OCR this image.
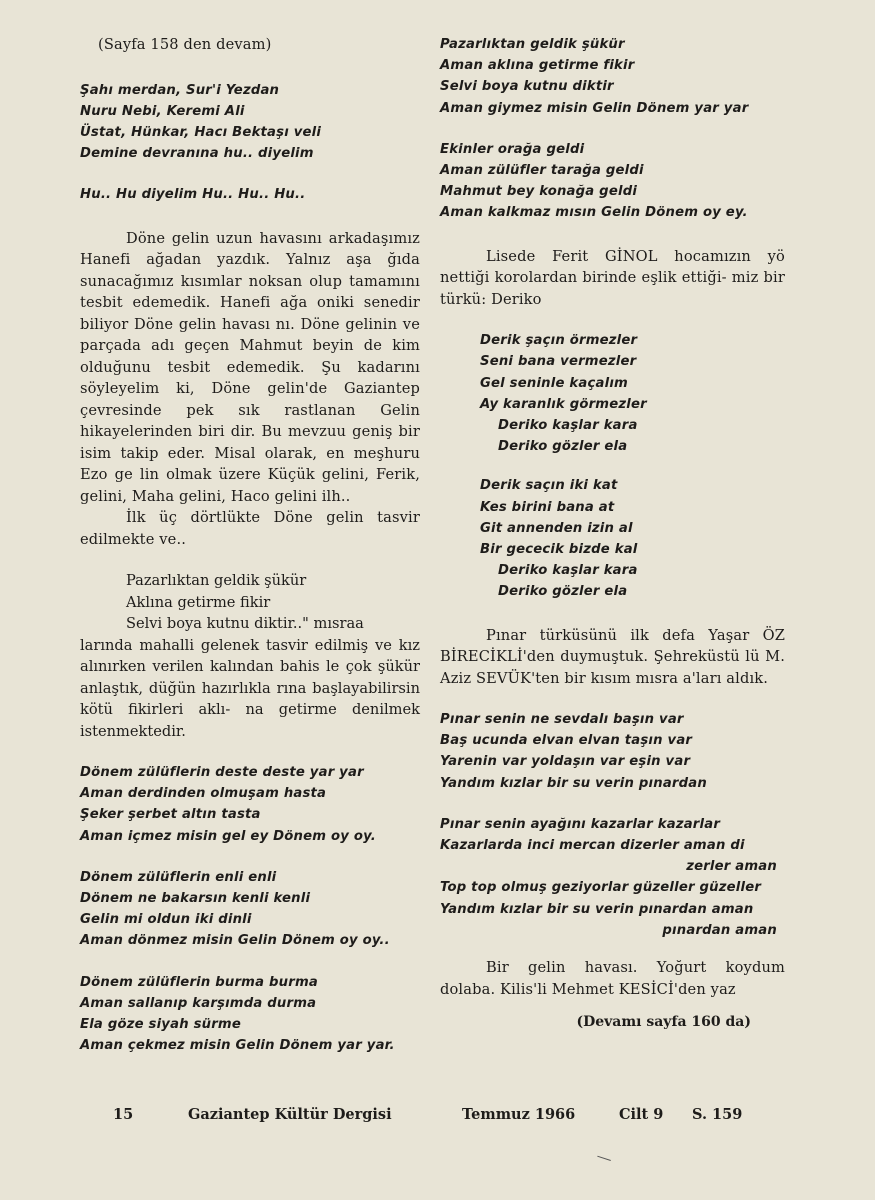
(Sayfa 158 den devam)
Şahı merdan, Sur'i Yezdan
Nuru Nebi, Keremi Ali
Üstat, Hünkar, Hacı Bektaşı veli
Demine devranına hu.. diyelim
Hu.. Hu diyelim Hu.. Hu.. Hu..

Döne gelin uzun havasını arkadaşımız Hanefi ağadan yazdık. Yalnız aşa ğıda sunacağımız kısımlar noksan olup tamamını tesbit edemedik. Hanefi ağa oniki senedir biliyor Döne gelin havası nı. Döne gelinin ve parçada adı geçen Mahmut beyin de kim olduğunu tesbit edemedik. Şu kadarını söyleyelim ki, Döne gelin'de Gaziantep çevresinde pek sık rastlanan Gelin hikayelerinden biri dir. Bu mevzuu geniş bir isim takip eder. Misal olarak, en meşhuru Ezo ge lin olmak üzere Küçük gelini, Ferik, gelini, Maha gelini, Haco gelini ilh..

İlk üç dörtlükte Döne gelin tasvir edilmekte ve..

Pazarlıktan geldik şükür
Aklına getirme fikir
Selvi boya kutnu diktir.." mısraa
larında mahalli gelenek tasvir edilmiş ve kız alınırken verilen kalından bahis le çok şükür anlaştık, düğün hazırlıkla rına başlayabilirsin kötü fikirleri aklı- na getirme denilmek istenmektedir.
Dönem zülüflerin deste deste yar yar
Aman derdinden olmuşam hasta
Şeker şerbet altın tasta
Aman içmez misin gel ey Dönem oy oy.
Dönem zülüflerin enli enli
Dönem ne bakarsın kenli kenli
Gelin mi oldun iki dinli
Aman dönmez misin Gelin Dönem oy oy..
Dönem zülüflerin burma burma
Aman sallanıp karşımda durma
Ela göze siyah sürme
Aman çekmez misin Gelin Dönem yar yar.
Pazarlıktan geldik şükür
Aman aklına getirme fikir
Selvi boya kutnu diktir
Aman giymez misin Gelin Dönem yar yar
Ekinler orağa geldi
Aman zülüfler tarağa geldi
Mahmut bey konağa geldi
Aman kalkmaz mısın Gelin Dönem oy ey.

Lisede Ferit GİNOL hocamızın yö nettiği korolardan birinde eşlik ettiği- miz bir türkü: Deriko

Derik şaçın örmezler
Seni bana vermezler
Gel seninle kaçalım
Ay karanlık görmezler
Deriko kaşlar kara
Deriko gözler ela
Derik saçın iki kat
Kes birini bana at
Git annenden izin al
Bir gececik bizde kal
Deriko kaşlar kara
Deriko gözler ela

Pınar türküsünü ilk defa Yaşar ÖZ BİRECİKLİ'den duymuştuk. Şehreküstü lü M. Aziz SEVÜK'ten bir kısım mısra a'ları aldık.

Pınar senin ne sevdalı başın var
Baş ucunda elvan elvan taşın var
Yarenin var yoldaşın var eşin var
Yandım kızlar bir su verin pınardan
Pınar senin ayağını kazarlar kazarlar
Kazarlarda inci mercan dizerler aman di
zerler aman
Top top olmuş geziyorlar güzeller güzeller
Yandım kızlar bir su verin pınardan aman
pınardan aman

Bir gelin havası. Yoğurt koydum dolaba. Kilis'li Mehmet KESİCİ'den yaz

(Devamı sayfa 160 da)
15	Gaziantep Kültür Dergisi	Temmuz 1966	Cilt 9 S. 159
